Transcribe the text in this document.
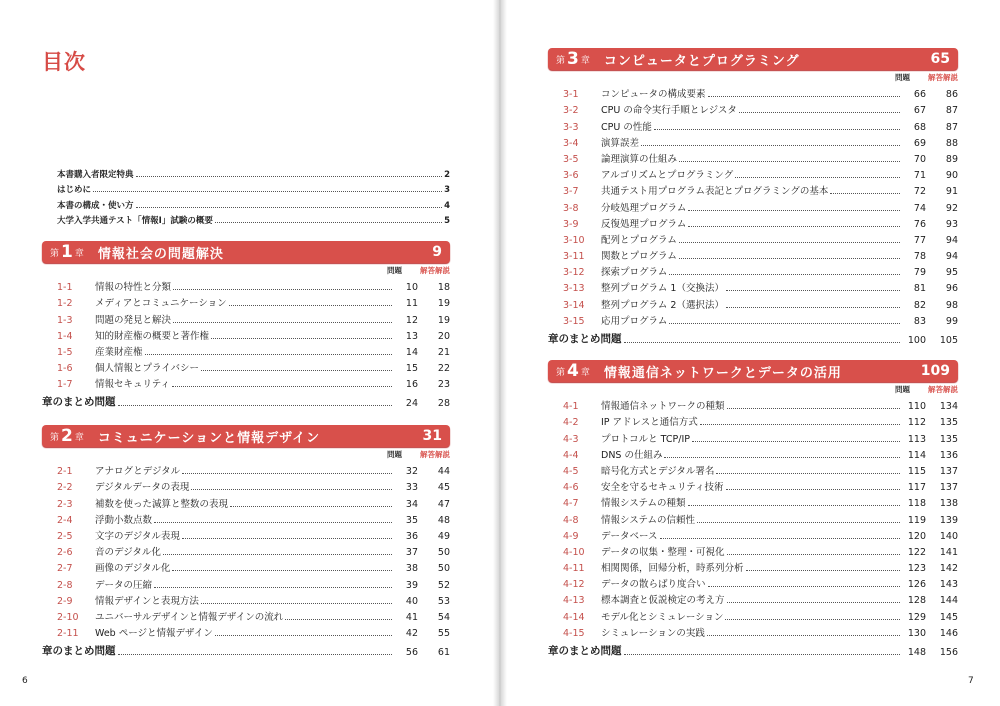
目次
本書購入者限定特典	2
はじめに	3
本書の構成・使い方	4
大学入学共通テスト「情報Ⅰ」試験の概要	5
第 1 章 情報社会の問題解決	9
問題	解答解説
1-1	情報の特性と分類	10	18
1-2	メディアとコミュニケーション	11	19
1-3	問題の発見と解決	12	19
1-4	知的財産権の概要と著作権	13	20
1-5	産業財産権	14	21
1-6	個人情報とプライバシー	15	22
1-7	情報セキュリティ	16	23
章のまとめ問題	24	28
第 2 章 コミュニケーションと情報デザイン	31
問題	解答解説
2-1	アナログとデジタル	32	44
2-2	デジタルデータの表現	33	45
2-3	補数を使った減算と整数の表現	34	47
2-4	浮動小数点数	35	48
2-5	文字のデジタル表現	36	49
2-6	音のデジタル化	37	50
2-7	画像のデジタル化	38	50
2-8	データの圧縮	39	52
2-9	情報デザインと表現方法	40	53
2-10	ユニバーサルデザインと情報デザインの流れ	41	54
2-11	Web ページと情報デザイン	42	55
章のまとめ問題	56	61
第 3 章 コンピュータとプログラミング	65
問題	解答解説
3-1	コンピュータの構成要素	66	86
3-2	CPU の命令実行手順とレジスタ	67	87
3-3	CPU の性能	68	87
3-4	演算誤差	69	88
3-5	論理演算の仕組み	70	89
3-6	アルゴリズムとプログラミング	71	90
3-7	共通テスト用プログラム表記とプログラミングの基本	72	91
3-8	分岐処理プログラム	74	92
3-9	反復処理プログラム	76	93
3-10	配列とプログラム	77	94
3-11	関数とプログラム	78	94
3-12	探索プログラム	79	95
3-13	整列プログラム 1（交換法）	81	96
3-14	整列プログラム 2（選択法）	82	98
3-15	応用プログラム	83	99
章のまとめ問題	100	105
第 4 章 情報通信ネットワークとデータの活用	109
問題	解答解説
4-1	情報通信ネットワークの種類	110	134
4-2	IP アドレスと通信方式	112	135
4-3	プロトコルと TCP/IP	113	135
4-4	DNS の仕組み	114	136
4-5	暗号化方式とデジタル署名	115	137
4-6	安全を守るセキュリティ技術	117	137
4-7	情報システムの種類	118	138
4-8	情報システムの信頼性	119	139
4-9	データベース	120	140
4-10	データの収集・整理・可視化	122	141
4-11	相関関係，回帰分析，時系列分析	123	142
4-12	データの散らばり度合い	126	143
4-13	標本調査と仮説検定の考え方	128	144
4-14	モデル化とシミュレーション	129	145
4-15	シミュレーションの実践	130	146
章のまとめ問題	148	156
6	7
